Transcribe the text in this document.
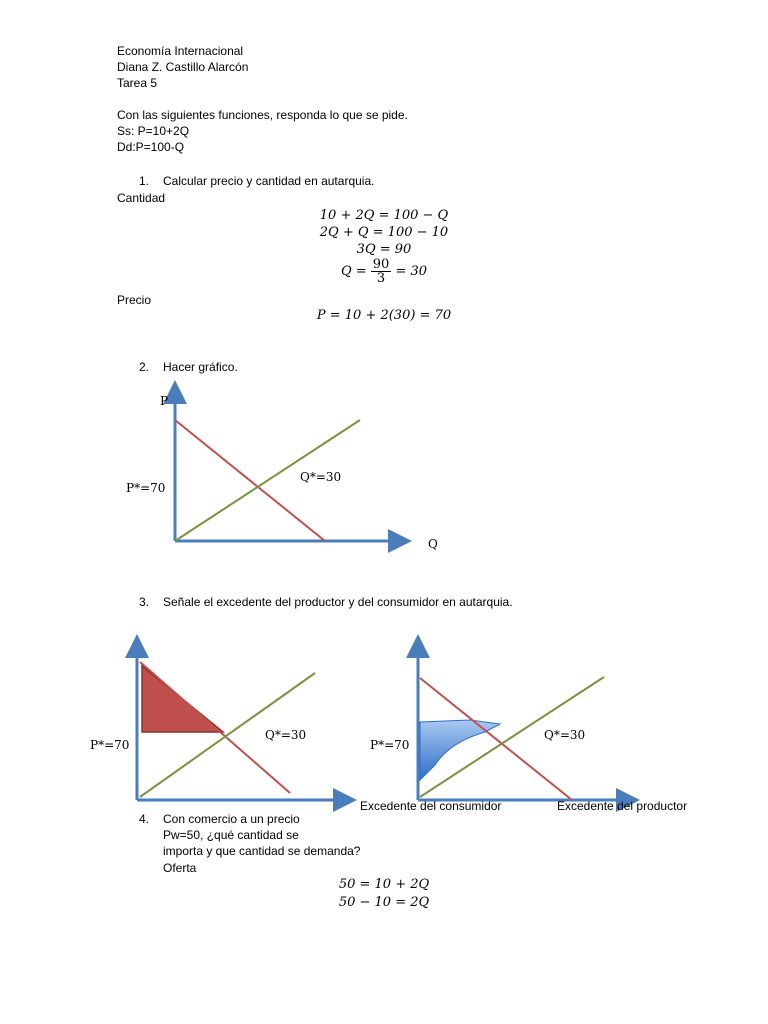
Economía Internacional
Diana Z. Castillo Alarcón
Tarea 5
Con las siguientes funciones, responda lo que se pide.
Ss: P=10+2Q
Dd:P=100-Q
1. Calcular precio y cantidad en autarquia.
Cantidad
10 + 2Q = 100 − Q
2Q + Q = 100 − 10
3Q = 90
$Q = \frac{90}{3} = 30$
Precio
P = 10 + 2(30) = 70
2. Hacer gráfico.
P
Q
P*=70
Q*=30
3. Señale el excedente del productor y del consumidor en autarquia.
P*=70
Q*=30
P*=70
Q*=30
Excedente del consumidor	Excedente del productor
4. Con comercio a un precio
Pw=50, ¿qué cantidad se
importa y que cantidad se demanda?
Oferta
50 = 10 + 2Q
50 − 10 = 2Q
